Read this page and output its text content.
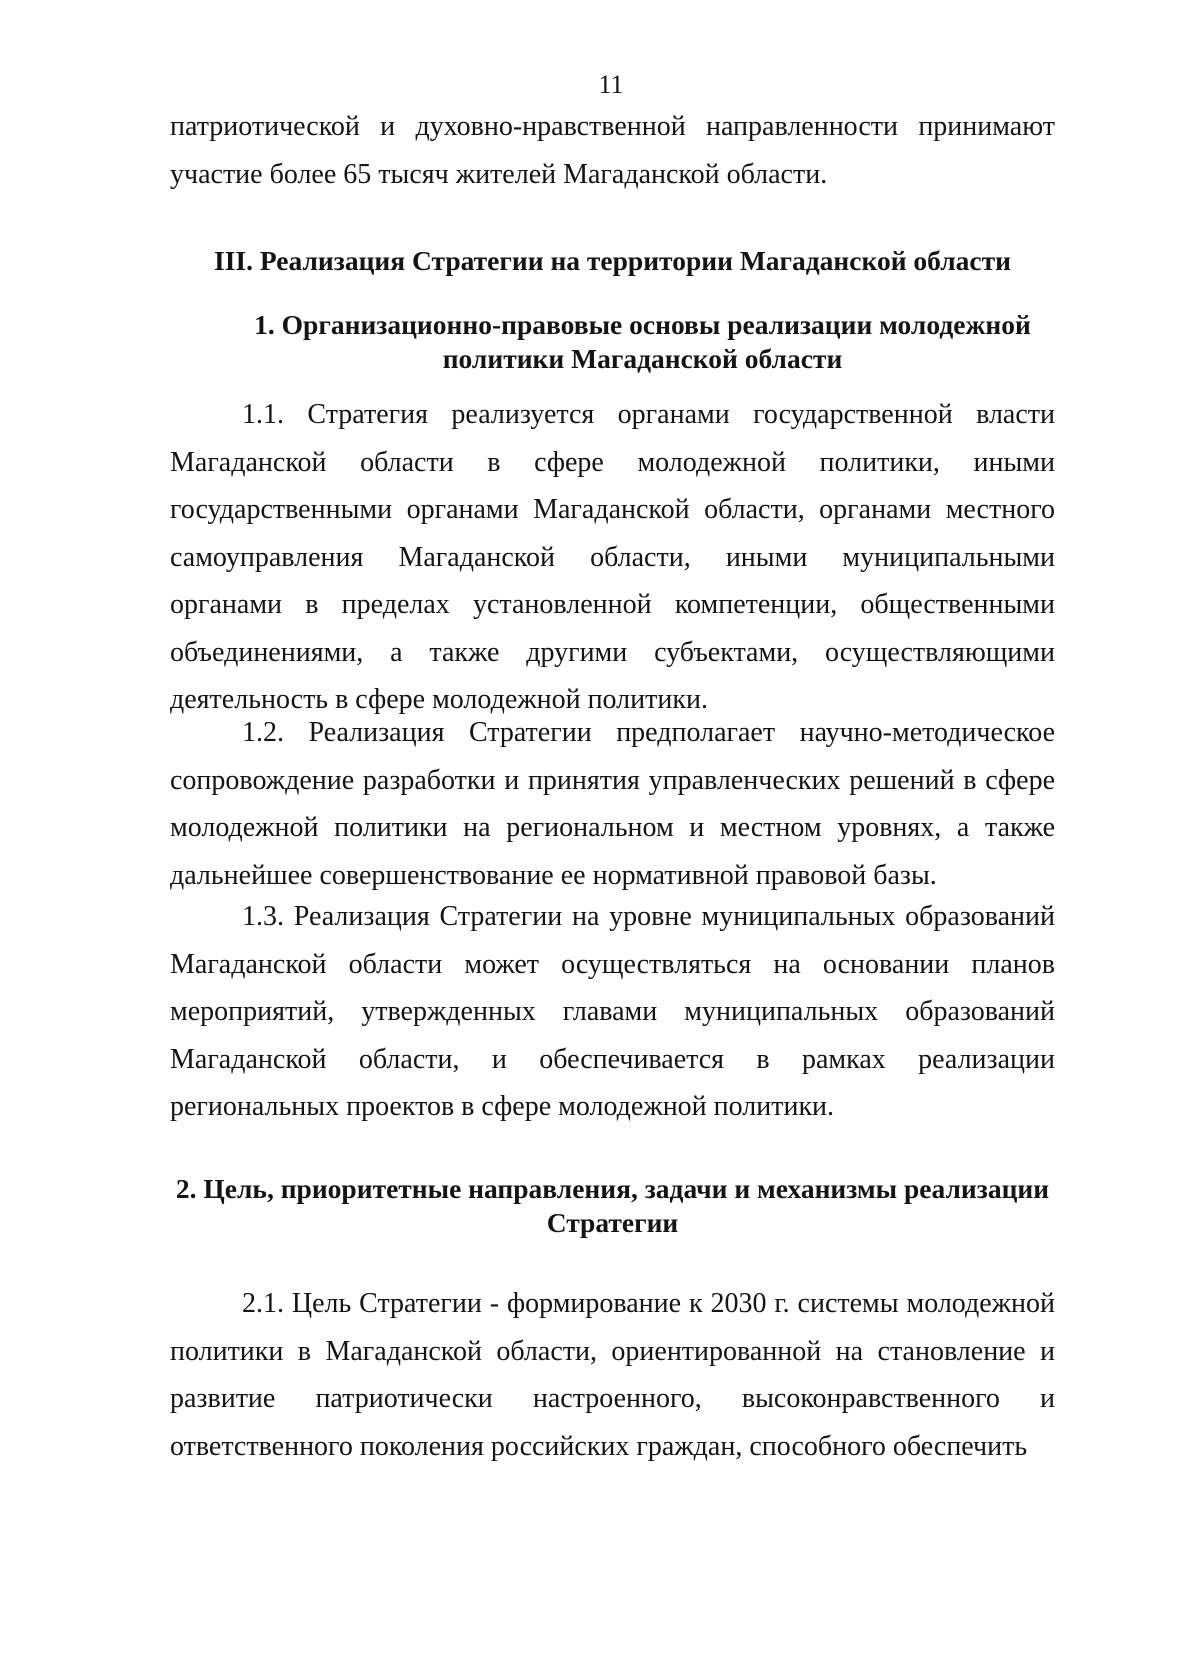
11

патриотической и духовно-нравственной направленности принимают участие более 65 тысяч жителей Магаданской области.

III. Реализация Стратегии на территории Магаданской области
1. Организационно-правовые основы реализации молодежной
политики Магаданской области

1.1. Стратегия реализуется органами государственной власти Магаданской области в сфере молодежной политики, иными государственными органами Магаданской области, органами местного самоуправления Магаданской области, иными муниципальными органами в пределах установленной компетенции, общественными объединениями, а также другими субъектами, осуществляющими деятельность в сфере молодежной политики.

1.2. Реализация Стратегии предполагает научно-методическое сопровождение разработки и принятия управленческих решений в сфере молодежной политики на региональном и местном уровнях, а также дальнейшее совершенствование ее нормативной правовой базы.

1.3. Реализация Стратегии на уровне муниципальных образований Магаданской области может осуществляться на основании планов мероприятий, утвержденных главами муниципальных образований Магаданской области, и обеспечивается в рамках реализации региональных проектов в сфере молодежной политики.

2. Цель, приоритетные направления, задачи и механизмы реализации
Стратегии

2.1. Цель Стратегии - формирование к 2030 г. системы молодежной политики в Магаданской области, ориентированной на становление и развитие патриотически настроенного, высоконравственного и ответственного поколения российских граждан, способного обеспечить
